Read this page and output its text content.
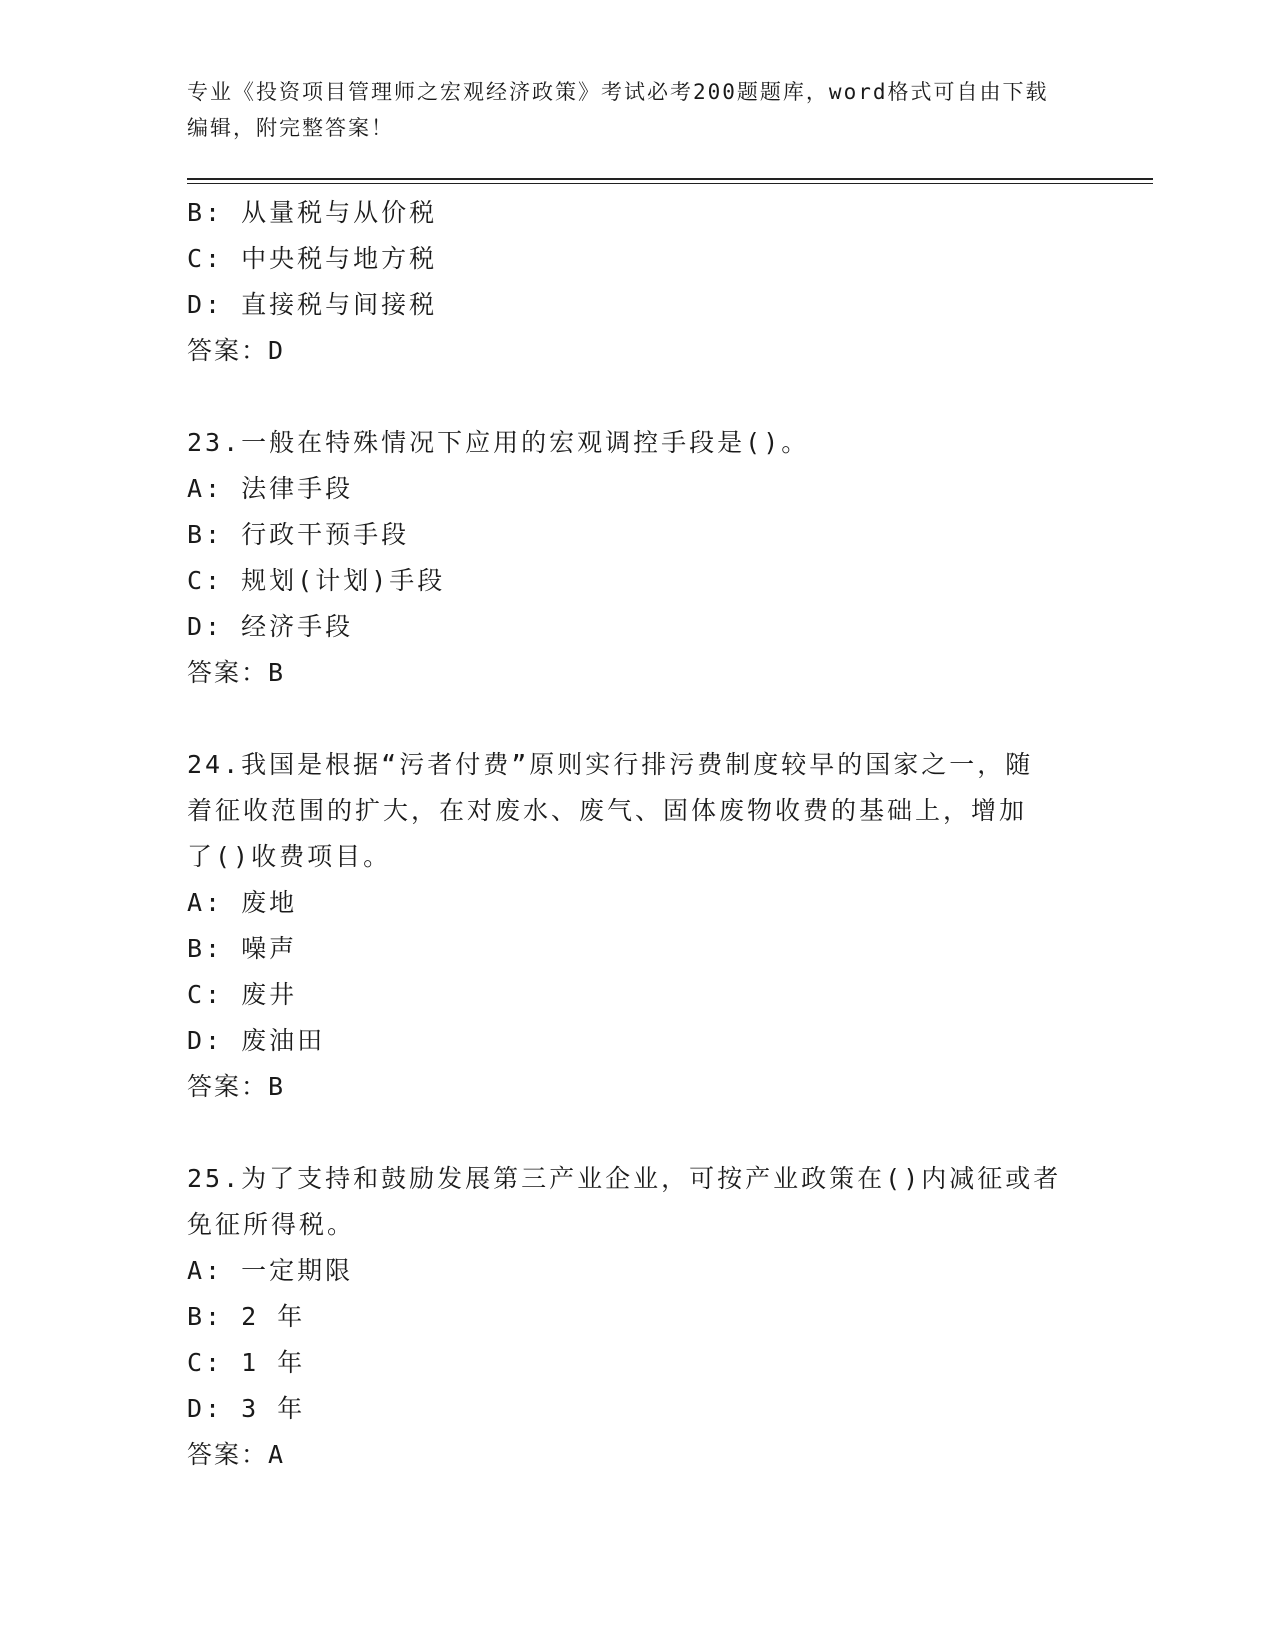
专业《投资项目管理师之宏观经济政策》考试必考200题题库，word格式可自由下载编辑，附完整答案！
B: 从量税与从价税
C: 中央税与地方税
D: 直接税与间接税
答案：D
23.一般在特殊情况下应用的宏观调控手段是()。
A: 法律手段
B: 行政干预手段
C: 规划(计划)手段
D: 经济手段
答案：B
24.我国是根据“污者付费”原则实行排污费制度较早的国家之一，随
着征收范围的扩大，在对废水、废气、固体废物收费的基础上，增加
了()收费项目。
A: 废地
B: 噪声
C: 废井
D: 废油田
答案：B
25.为了支持和鼓励发展第三产业企业，可按产业政策在()内减征或者
免征所得税。
A: 一定期限
B: 2 年
C: 1 年
D: 3 年
答案：A
